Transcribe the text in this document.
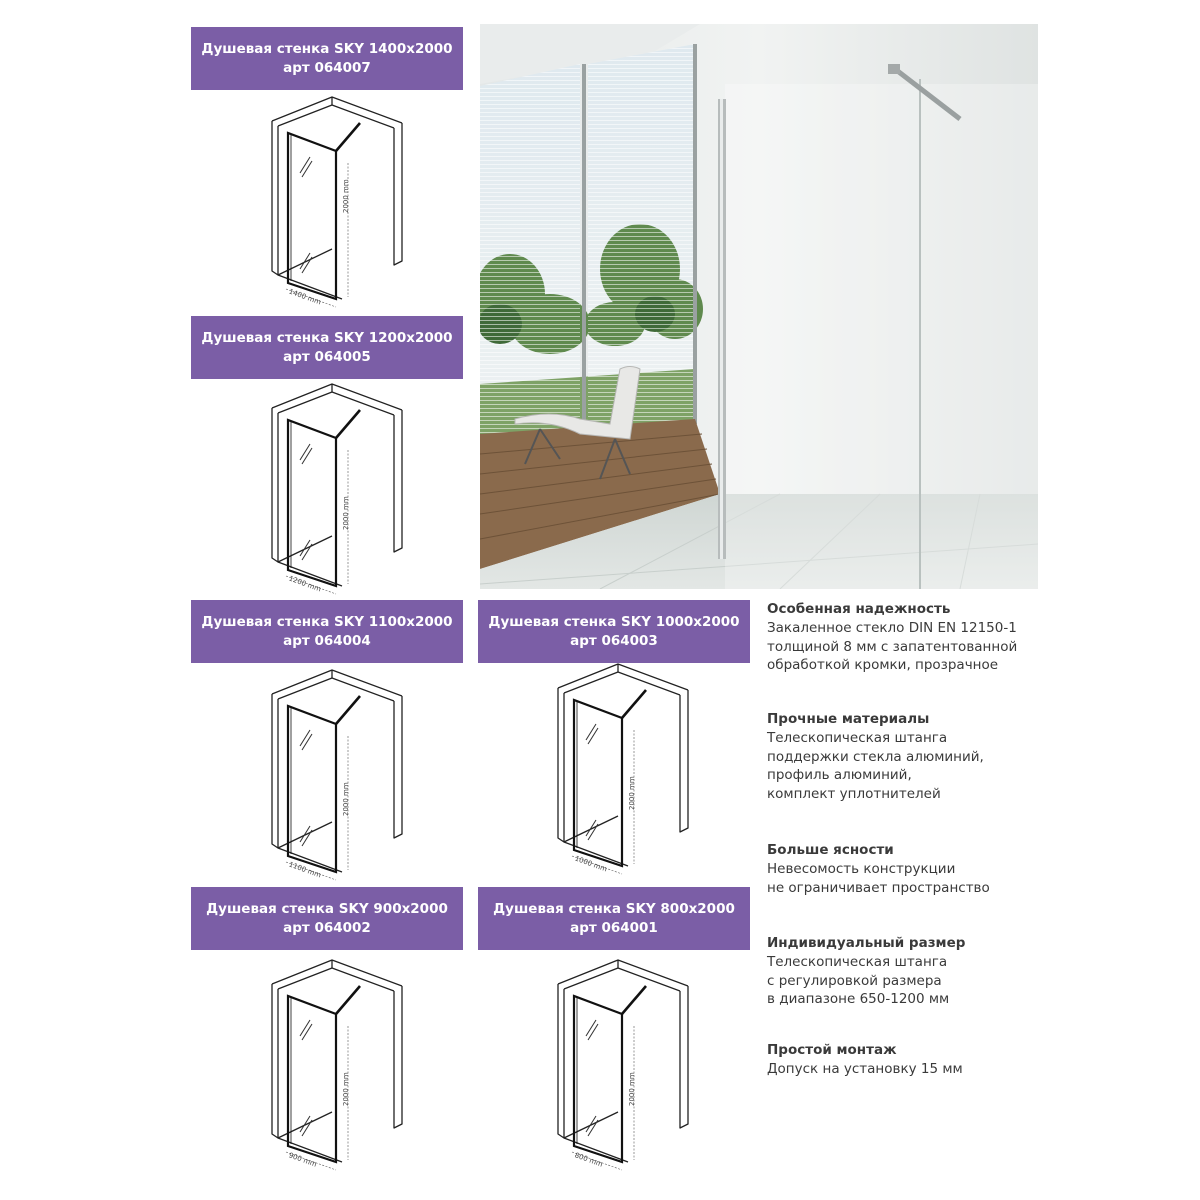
Душевая стенка SKY 1400х2000
арт 064007
Душевая стенка SKY 1200х2000
арт 064005
Душевая стенка SKY 1100х2000
арт 064004
Душевая стенка SKY 1000х2000
арт 064003
Душевая стенка SKY 900х2000
арт 064002
Душевая стенка SKY 800х2000
арт 064001
2000 mm
1400 mm
2000 mm
1200 mm
2000 mm
1100 mm
2000 mm
1000 mm
2000 mm
900 mm
2000 mm
800 mm
Особенная надежность
Закаленное стекло DIN EN 12150-1
толщиной 8 мм с запатентованной
обработкой кромки, прозрачное
Прочные материалы
Телескопическая штанга
поддержки стекла алюминий,
профиль алюминий,
комплект уплотнителей
Больше ясности
Невесомость конструкции
не ограничивает пространство
Индивидуальный размер
Телескопическая штанга
с регулировкой размера
в диапазоне 650-1200 мм
Простой монтаж
Допуск на установку 15 мм
